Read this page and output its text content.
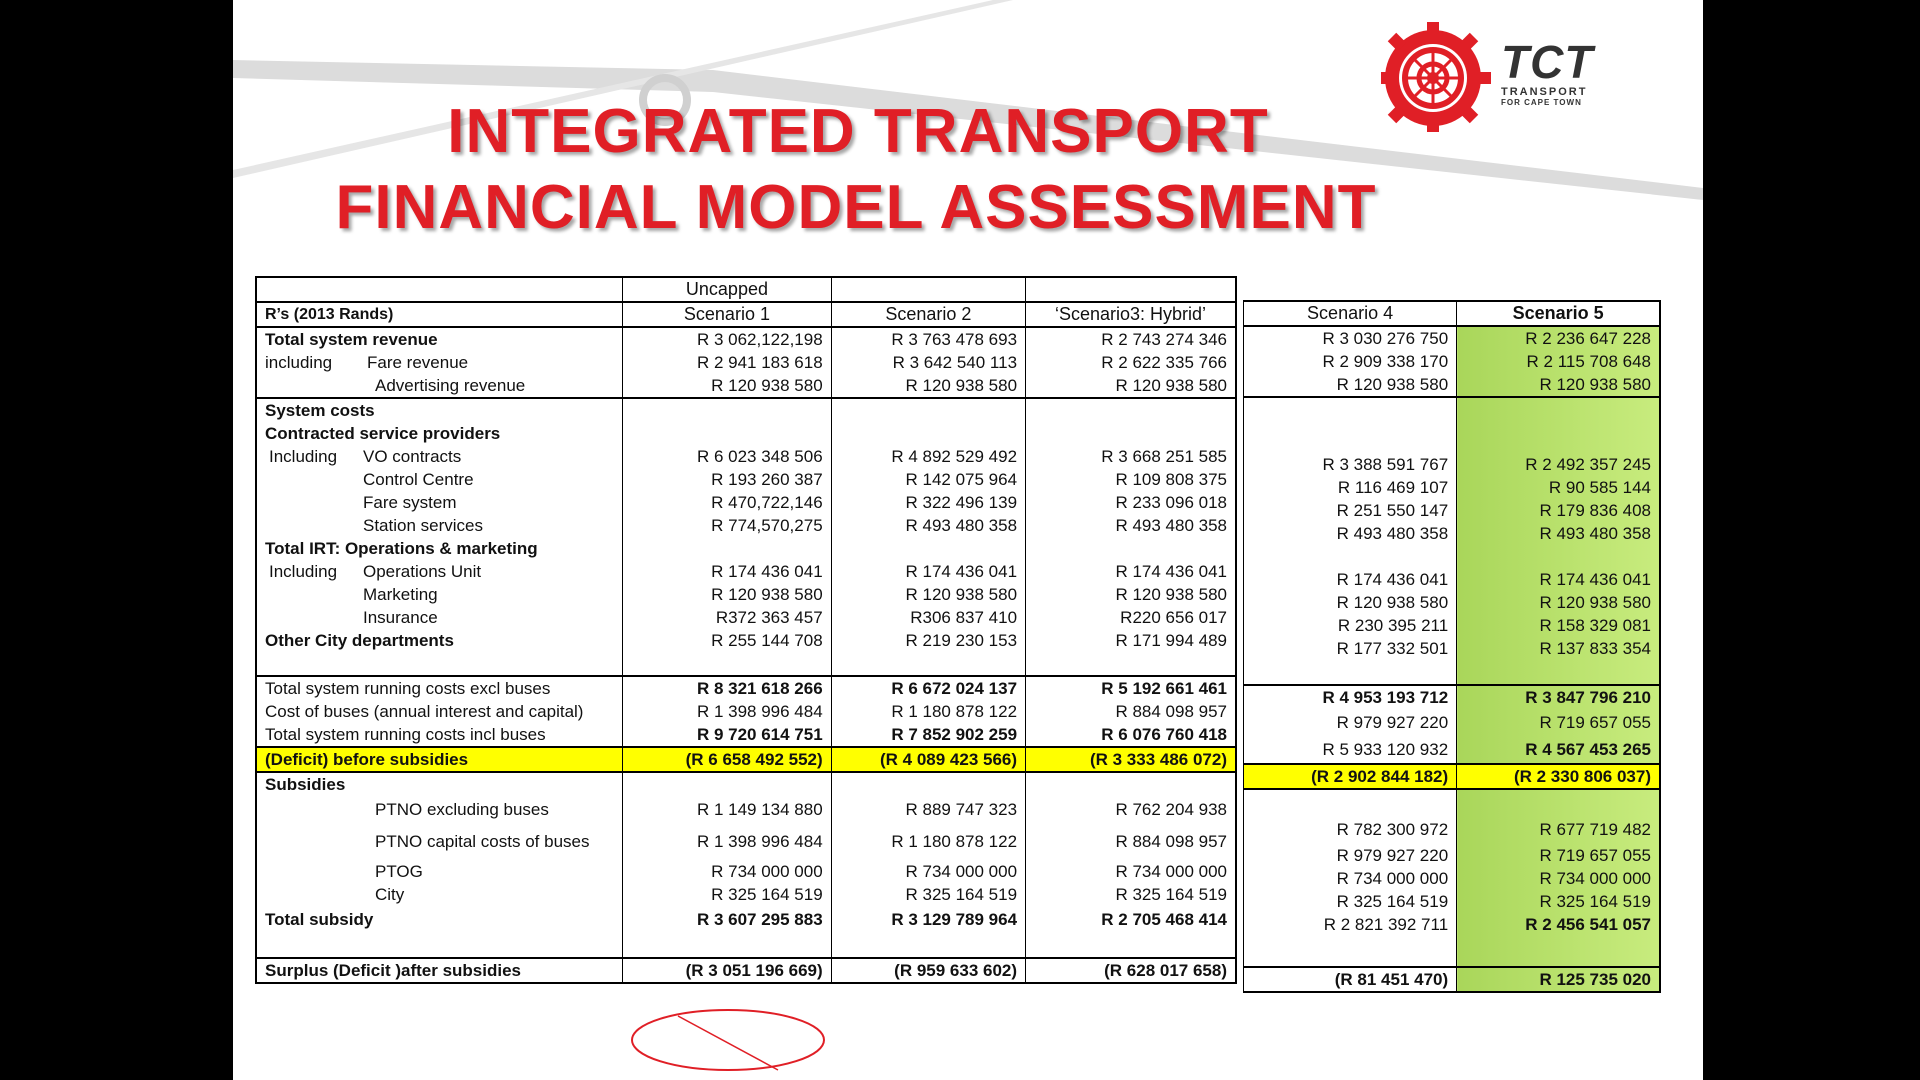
INTEGRATED TRANSPORT
FINANCIAL MODEL ASSESSMENT
TCT
TRANSPORT
FOR CAPE TOWN
	Uncapped		
R’s (2013 Rands)	Scenario 1	Scenario 2	‘Scenario3: Hybrid’
Total system revenue	R 3 062,122,198	R 3 763 478 693	R 2 743 274 346
including Fare revenue	R 2 941 183 618	R 3 642 540 113	R 2 622 335 766
Advertising revenue	R 120 938 580	R 120 938 580	R 120 938 580
System costs			
Contracted service providers			
Including VO contracts	R 6 023 348 506	R 4 892 529 492	R 3 668 251 585
Control Centre	R 193 260 387	R 142 075 964	R 109 808 375
Fare system	R 470,722,146	R 322 496 139	R 233 096 018
Station services	R 774,570,275	R 493 480 358	R 493 480 358
Total IRT: Operations & marketing			
Including Operations Unit	R 174 436 041	R 174 436 041	R 174 436 041
Marketing	R 120 938 580	R 120 938 580	R 120 938 580
Insurance	R372 363 457	R306 837 410	R220 656 017
Other City departments	R 255 144 708	R 219 230 153	R 171 994 489

Total system running costs excl buses	R 8 321 618 266	R 6 672 024 137	R 5 192 661 461
Cost of buses (annual interest and capital)	R 1 398 996 484	R 1 180 878 122	R 884 098 957
Total system running costs incl buses	R 9 720 614 751	R 7 852 902 259	R 6 076 760 418
(Deficit) before subsidies	(R 6 658 492 552)	(R 4 089 423 566)	(R 3 333 486 072)
Subsidies			
PTNO excluding buses	R 1 149 134 880	R 889 747 323	R 762 204 938
PTNO capital costs of buses	R 1 398 996 484	R 1 180 878 122	R 884 098 957
PTOG	R 734 000 000	R 734 000 000	R 734 000 000
City	R 325 164 519	R 325 164 519	R 325 164 519
Total subsidy	R 3 607 295 883	R 3 129 789 964	R 2 705 468 414

Surplus (Deficit )after subsidies	(R 3 051 196 669)	(R 959 633 602)	(R 628 017 658)
Scenario 4	Scenario 5
R 3 030 276 750	R 2 236 647 228
R 2 909 338 170	R 2 115 708 648
R 120 938 580	R 120 938 580

R 3 388 591 767	R 2 492 357 245
R 116 469 107	R 90 585 144
R 251 550 147	R 179 836 408
R 493 480 358	R 493 480 358

R 174 436 041	R 174 436 041
R 120 938 580	R 120 938 580
R 230 395 211	R 158 329 081
R 177 332 501	R 137 833 354

R 4 953 193 712	R 3 847 796 210
R 979 927 220	R 719 657 055
R 5 933 120 932	R 4 567 453 265
(R 2 902 844 182)	(R 2 330 806 037)

R 782 300 972	R 677 719 482
R 979 927 220	R 719 657 055
R 734 000 000	R 734 000 000
R 325 164 519	R 325 164 519
R 2 821 392 711	R 2 456 541 057

(R 81 451 470)	R 125 735 020
